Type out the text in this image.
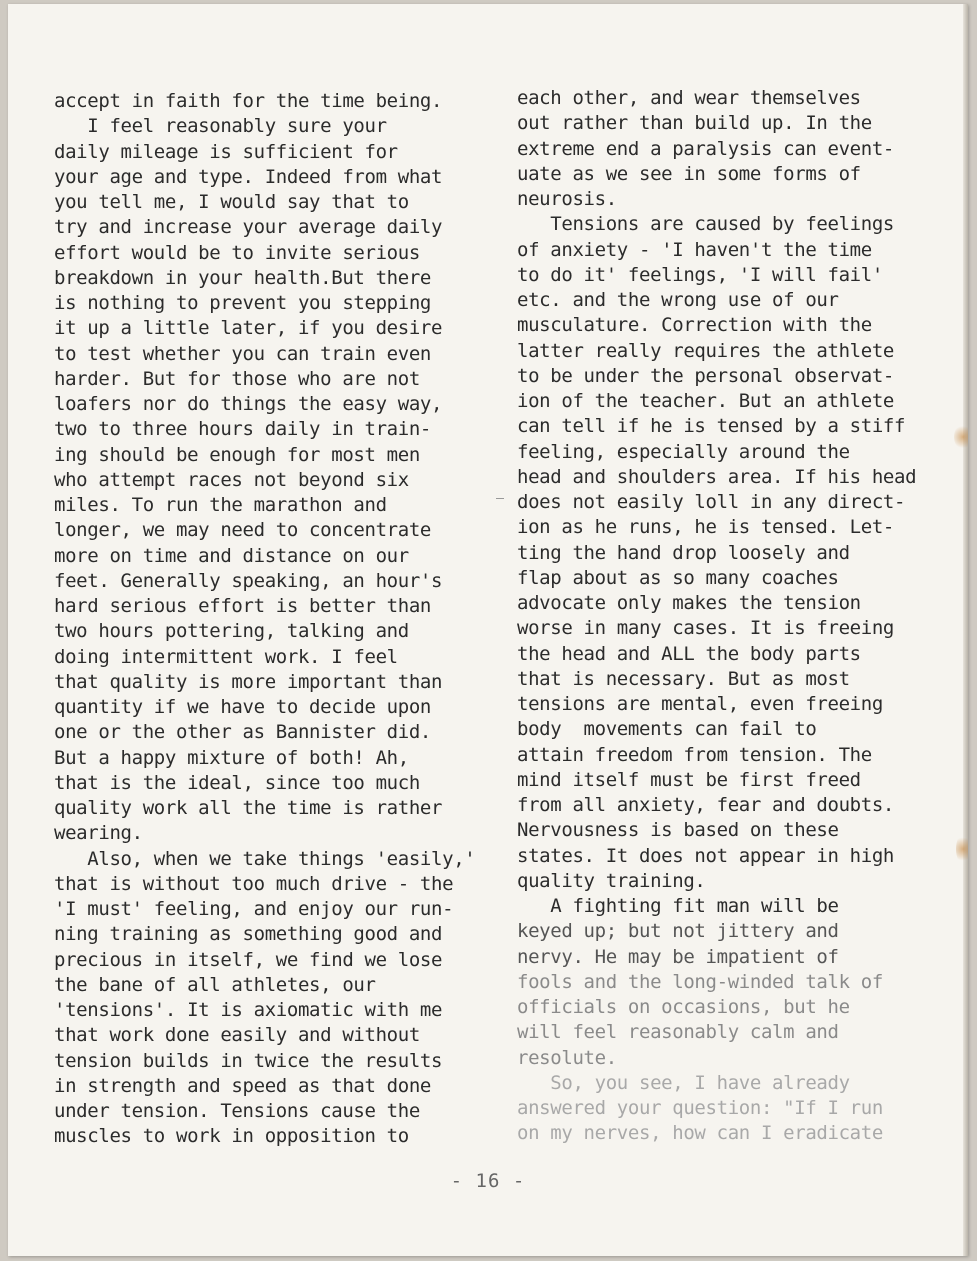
accept in faith for the time being.
I feel reasonably sure your
daily mileage is sufficient for
your age and type. Indeed from what
you tell me, I would say that to
try and increase your average daily
effort would be to invite serious
breakdown in your health.But there
is nothing to prevent you stepping
it up a little later, if you desire
to test whether you can train even
harder. But for those who are not
loafers nor do things the easy way,
two to three hours daily in train-
ing should be enough for most men
who attempt races not beyond six
miles. To run the marathon and
longer, we may need to concentrate
more on time and distance on our
feet. Generally speaking, an hour's
hard serious effort is better than
two hours pottering, talking and
doing intermittent work. I feel
that quality is more important than
quantity if we have to decide upon
one or the other as Bannister did.
But a happy mixture of both! Ah,
that is the ideal, since too much
quality work all the time is rather
wearing.
Also, when we take things 'easily,'
that is without too much drive - the
'I must' feeling, and enjoy our run-
ning training as something good and
precious in itself, we find we lose
the bane of all athletes, our
'tensions'. It is axiomatic with me
that work done easily and without
tension builds in twice the results
in strength and speed as that done
under tension. Tensions cause the
muscles to work in opposition to
each other, and wear themselves
out rather than build up. In the
extreme end a paralysis can event-
uate as we see in some forms of
neurosis.
Tensions are caused by feelings
of anxiety - 'I haven't the time
to do it' feelings, 'I will fail'
etc. and the wrong use of our
musculature. Correction with the
latter really requires the athlete
to be under the personal observat-
ion of the teacher. But an athlete
can tell if he is tensed by a stiff
feeling, especially around the
head and shoulders area. If his head
does not easily loll in any direct-
ion as he runs, he is tensed. Let-
ting the hand drop loosely and
flap about as so many coaches
advocate only makes the tension
worse in many cases. It is freeing
the head and ALL the body parts
that is necessary. But as most
tensions are mental, even freeing
body  movements can fail to
attain freedom from tension. The
mind itself must be first freed
from all anxiety, fear and doubts.
Nervousness is based on these
states. It does not appear in high
quality training.
A fighting fit man will be
keyed up; but not jittery and
nervy. He may be impatient of
fools and the long-winded talk of
officials on occasions, but he
will feel reasonably calm and
resolute.
So, you see, I have already
answered your question: "If I run
on my nerves, how can I eradicate
- 16 -
